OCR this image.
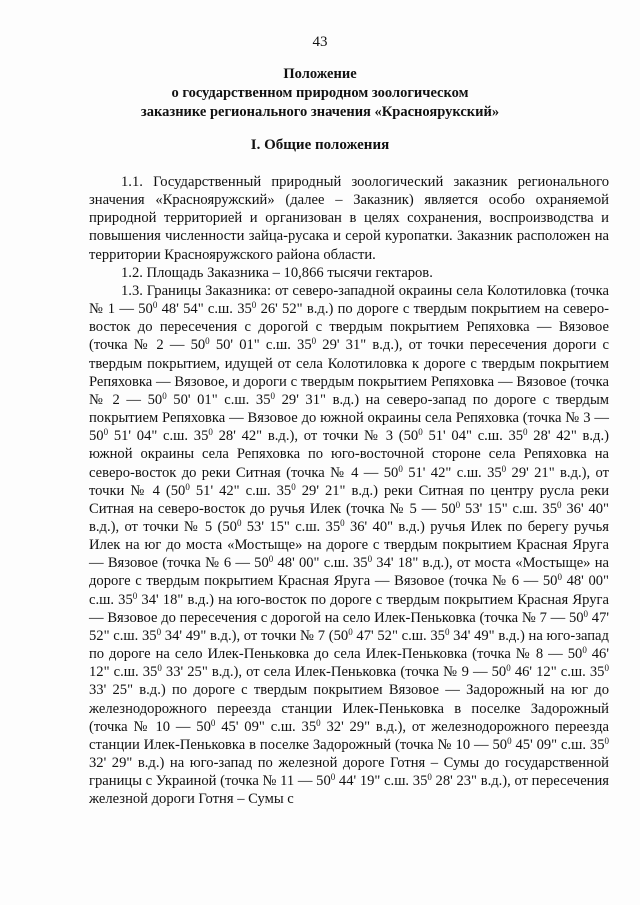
43
Положение
о государственном природном зоологическом
заказнике регионального значения «Красноярукский»
I. Общие положения

1.1. Государственный природный зоологический заказник регионального значения «Краснояружский» (далее – Заказник) является особо охраняемой природной территорией и организован в целях сохранения, воспроизводства и повышения численности зайца-русака и серой куропатки. Заказник расположен на территории Краснояружского района области.

1.2. Площадь Заказника – 10,866 тысячи гектаров.

1.3. Границы Заказника: от северо-западной окраины села Колотиловка (точка № 1 — $50^0$ 48' 54" с.ш. $35^0$ 26' 52" в.д.) по дороге с твердым покрытием на северо-восток до пересечения с дорогой с твердым покрытием Репяховка — Вязовое (точка № 2 — $50^0$ 50' 01" с.ш. $35^0$ 29' 31" в.д.), от точки пересечения дороги с твердым покрытием, идущей от села Колотиловка к дороге с твердым покрытием Репяховка — Вязовое, и дороги с твердым покрытием Репяховка — Вязовое (точка № 2 — $50^0$ 50' 01" с.ш. $35^0$ 29' 31" в.д.) на северо-запад по дороге с твердым покрытием Репяховка — Вязовое до южной окраины села Репяховка (точка № 3 — $50^0$ 51' 04" с.ш. $35^0$ 28' 42" в.д.), от точки № 3 ($50^0$ 51' 04" с.ш. $35^0$ 28' 42" в.д.) южной окраины села Репяховка по юго-восточной стороне села Репяховка на северо-восток до реки Ситная (точка № 4 — $50^0$ 51' 42" с.ш. $35^0$ 29' 21" в.д.), от точки № 4 ($50^0$ 51' 42" с.ш. $35^0$ 29' 21" в.д.) реки Ситная по центру русла реки Ситная на северо-восток до ручья Илек (точка № 5 — $50^0$ 53' 15" с.ш. $35^0$ 36' 40" в.д.), от точки № 5 ($50^0$ 53' 15" с.ш. $35^0$ 36' 40" в.д.) ручья Илек по берегу ручья Илек на юг до моста «Мостыще» на дороге с твердым покрытием Красная Яруга — Вязовое (точка № 6 — $50^0$ 48' 00" с.ш. $35^0$ 34' 18" в.д.), от моста «Мостыще» на дороге с твердым покрытием Красная Яруга — Вязовое (точка № 6 — $50^0$ 48' 00" с.ш. $35^0$ 34' 18" в.д.) на юго-восток по дороге с твердым покрытием Красная Яруга — Вязовое до пересечения с дорогой на село Илек-Пеньковка (точка № 7 — $50^0$ 47' 52" с.ш. $35^0$ 34' 49" в.д.), от точки № 7 ($50^0$ 47' 52" с.ш. $35^0$ 34' 49" в.д.) на юго-запад по дороге на село Илек-Пеньковка до села Илек-Пеньковка (точка № 8 — $50^0$ 46' 12" с.ш. $35^0$ 33' 25" в.д.), от села Илек-Пеньковка (точка № 9 — $50^0$ 46' 12" с.ш. $35^0$ 33' 25" в.д.) по дороге с твердым покрытием Вязовое — Задорожный на юг до железнодорожного переезда станции Илек-Пеньковка в поселке Задорожный (точка № 10 — $50^0$ 45' 09" с.ш. $35^0$ 32' 29" в.д.), от железнодорожного переезда станции Илек-Пеньковка в поселке Задорожный (точка № 10 — $50^0$ 45' 09" с.ш. $35^0$ 32' 29" в.д.) на юго-запад по железной дороге Готня – Сумы до государственной границы с Украиной (точка № 11 — $50^0$ 44' 19" с.ш. $35^0$ 28' 23" в.д.), от пересечения железной дороги Готня – Сумы с
